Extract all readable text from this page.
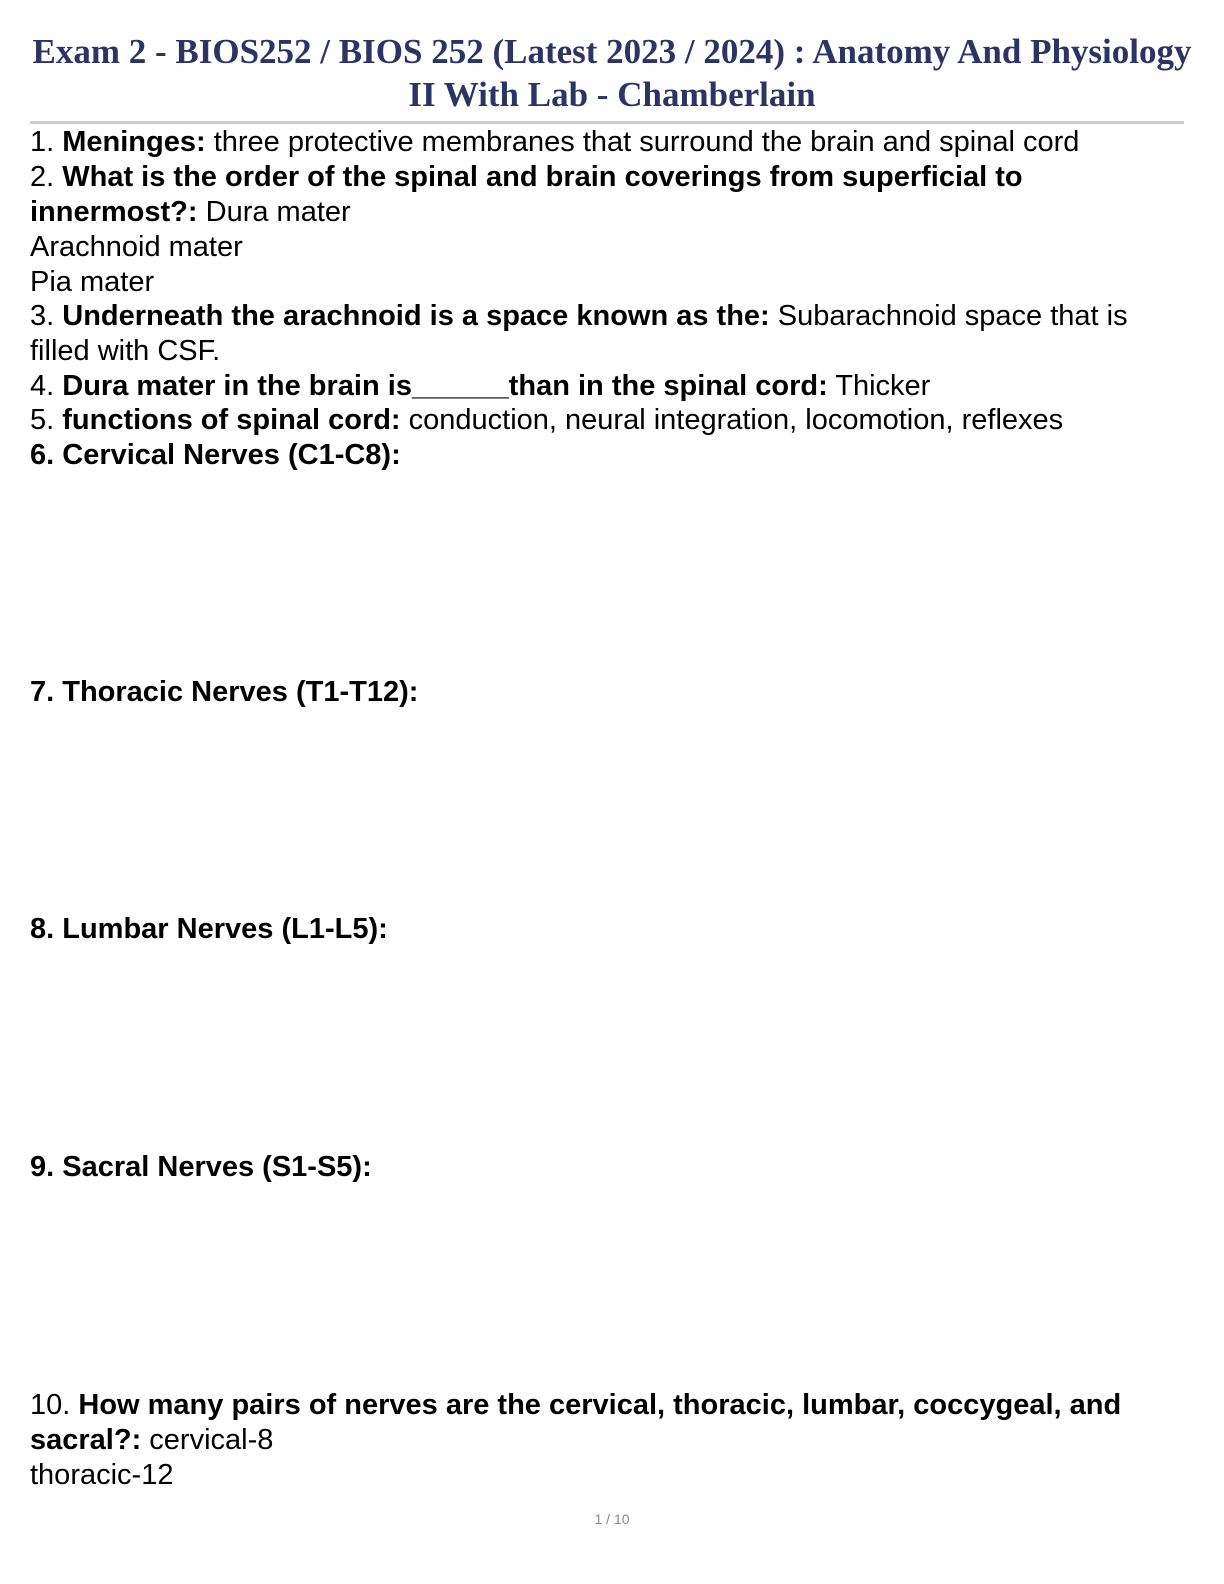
Exam 2 - BIOS252 / BIOS 252 (Latest 2023 / 2024) : Anatomy And Physiology II With Lab - Chamberlain

1. Meninges: three protective membranes that surround the brain and spinal cord

2. What is the order of the spinal and brain coverings from superficial to innermost?: Dura mater
Arachnoid mater
Pia mater

3. Underneath the arachnoid is a space known as the: Subarachnoid space that is filled with CSF.

4. Dura mater in the brain is______than in the spinal cord: Thicker

5. functions of spinal cord: conduction, neural integration, locomotion, reflexes

6. Cervical Nerves (C1-C8):

7. Thoracic Nerves (T1-T12):

8. Lumbar Nerves (L1-L5):

9. Sacral Nerves (S1-S5):

10. How many pairs of nerves are the cervical, thoracic, lumbar, coccygeal, and sacral?: cervical-8
thoracic-12

1 / 10
